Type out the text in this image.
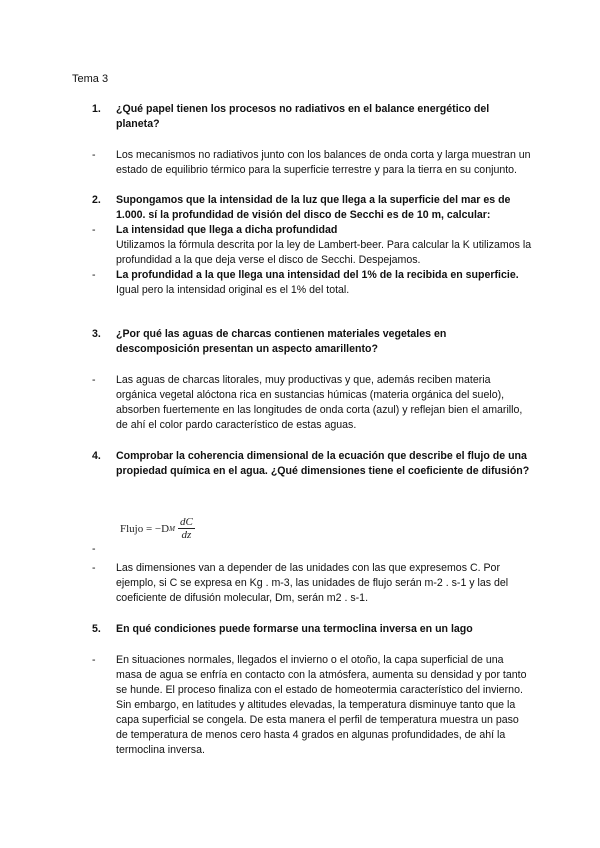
Tema 3
1. ¿Qué papel tienen los procesos no radiativos en el balance energético del planeta?
- Los mecanismos no radiativos junto con los balances de onda corta y larga muestran un estado de equilibrio térmico para la superficie terrestre y para la tierra en su conjunto.
2. Supongamos que la intensidad de la luz que llega a la superficie del mar es de 1.000. sí la profundidad de visión del disco de Secchi es de 10 m, calcular:
- La intensidad que llega a dicha profundidad
Utilizamos la fórmula descrita por la ley de Lambert-beer. Para calcular la K utilizamos la profundidad a la que deja verse el disco de Secchi. Despejamos.
- La profundidad a la que llega una intensidad del 1% de la recibida en superficie.
Igual pero la intensidad original es el 1% del total.
3. ¿Por qué las aguas de charcas contienen materiales vegetales en descomposición presentan un aspecto amarillento?
- Las aguas de charcas litorales, muy productivas y que, además reciben materia orgánica vegetal alóctona rica en sustancias húmicas (materia orgánica del suelo), absorben fuertemente en las longitudes de onda corta (azul) y reflejan bien el amarillo, de ahí el color pardo característico de estas aguas.
4. Comprobar la coherencia dimensional de la ecuación que describe el flujo de una propiedad química en el agua. ¿Qué dimensiones tiene el coeficiente de difusión?
Flujo = −D M $\frac{dC}{dz}$
-
- Las dimensiones van a depender de las unidades con las que expresemos C. Por ejemplo, si C se expresa en Kg . m-3, las unidades de flujo serán m-2 . s-1 y las del coeficiente de difusión molecular, Dm, serán m2 . s-1.
5. En qué condiciones puede formarse una termoclina inversa en un lago
- En situaciones normales, llegados el invierno o el otoño, la capa superficial de una masa de agua se enfría en contacto con la atmósfera, aumenta su densidad y por tanto se hunde. El proceso finaliza con el estado de homeotermia característico del invierno.
Sin embargo, en latitudes y altitudes elevadas, la temperatura disminuye tanto que la capa superficial se congela. De esta manera el perfil de temperatura muestra un paso de temperatura de menos cero hasta 4 grados en algunas profundidades, de ahí la termoclina inversa.
